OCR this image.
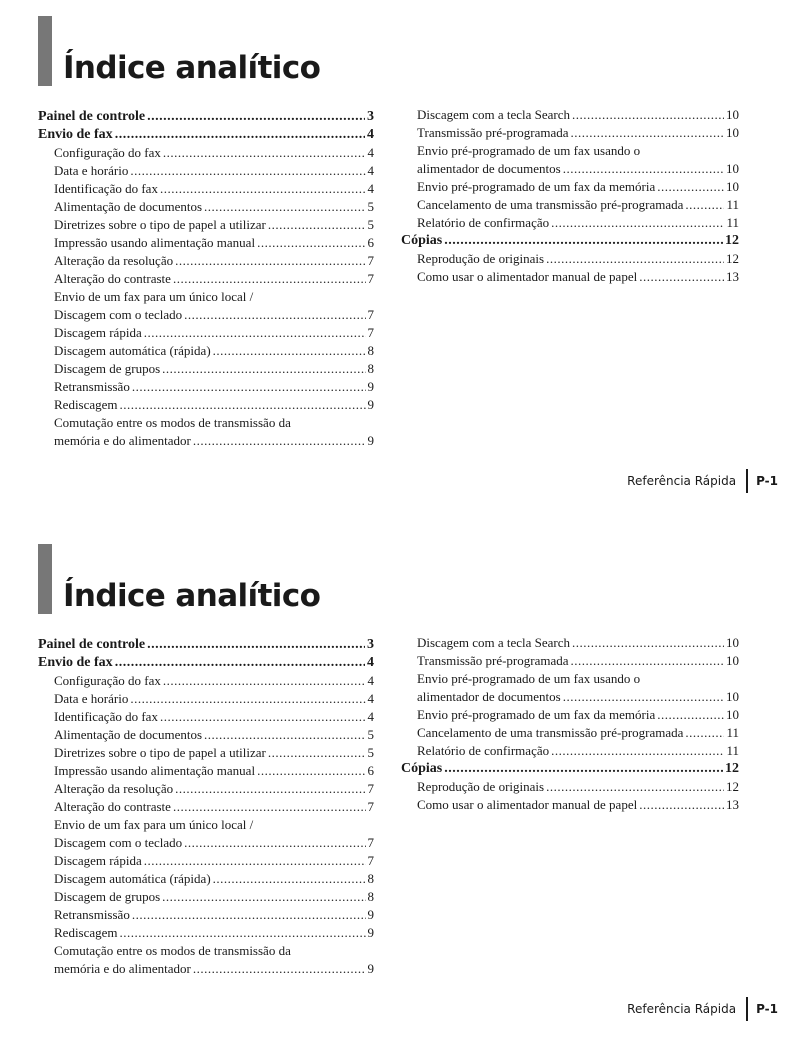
Índice analítico
Painel de controle .....	3
Envio de fax .....	4
Configuração do fax .....	4
Data e horário .....	4
Identificação do fax .....	4
Alimentação de documentos .....	5
Diretrizes sobre o tipo de papel a utilizar .....	5
Impressão usando alimentação manual .....	6
Alteração da resolução .....	7
Alteração do contraste .....	7
Envio de um fax para um único local /
Discagem com o teclado .....	7
Discagem rápida .....	7
Discagem automática (rápida) .....	8
Discagem de grupos .....	8
Retransmissão .....	9
Rediscagem .....	9
Comutação entre os modos de transmissão da
memória e do alimentador .....	9
Discagem com a tecla Search .....	10
Transmissão pré-programada .....	10
Envio pré-programado de um fax usando o
alimentador de documentos .....	10
Envio pré-programado de um fax da memória .....	10
Cancelamento de uma transmissão pré-programada .....	11
Relatório de confirmação .....	11
Cópias .....	12
Reprodução de originais .....	12
Como usar o alimentador manual de papel .....	13
Referência Rápida P-1
Índice analítico
Painel de controle .....	3
Envio de fax .....	4
Configuração do fax .....	4
Data e horário .....	4
Identificação do fax .....	4
Alimentação de documentos .....	5
Diretrizes sobre o tipo de papel a utilizar .....	5
Impressão usando alimentação manual .....	6
Alteração da resolução .....	7
Alteração do contraste .....	7
Envio de um fax para um único local /
Discagem com o teclado .....	7
Discagem rápida .....	7
Discagem automática (rápida) .....	8
Discagem de grupos .....	8
Retransmissão .....	9
Rediscagem .....	9
Comutação entre os modos de transmissão da
memória e do alimentador .....	9
Discagem com a tecla Search .....	10
Transmissão pré-programada .....	10
Envio pré-programado de um fax usando o
alimentador de documentos .....	10
Envio pré-programado de um fax da memória .....	10
Cancelamento de uma transmissão pré-programada .....	11
Relatório de confirmação .....	11
Cópias .....	12
Reprodução de originais .....	12
Como usar o alimentador manual de papel .....	13
Referência Rápida P-1
